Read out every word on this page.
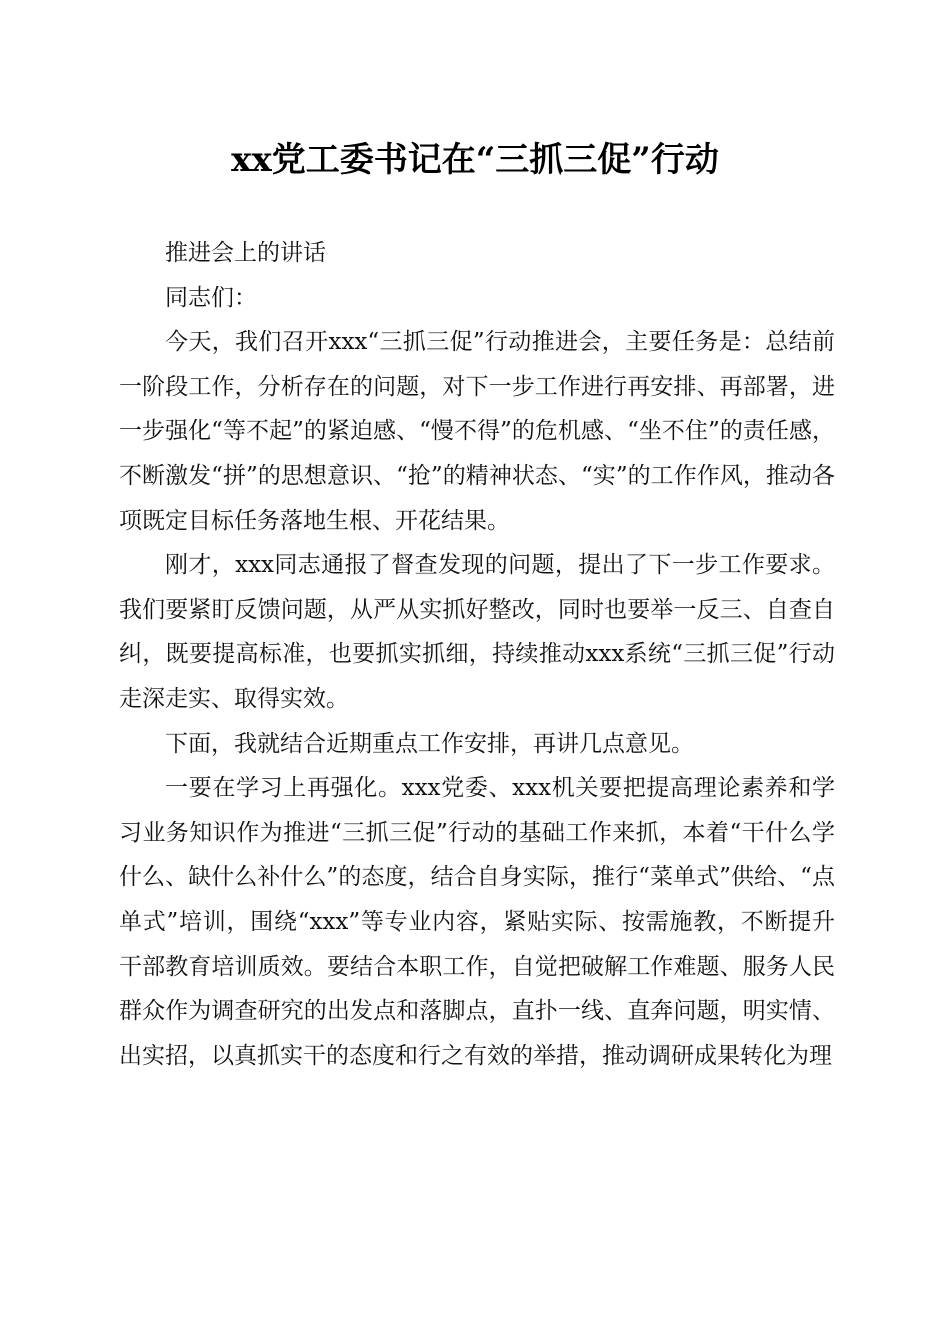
xx党工委书记在“三抓三促”行动

推进会上的讲话

同志们：

今天，我们召开xxx“三抓三促”行动推进会，主要任务是：总结前一阶段工作，分析存在的问题，对下一步工作进行再安排、再部署，进一步强化“等不起”的紧迫感、“慢不得”的危机感、“坐不住”的责任感，不断激发“拼”的思想意识、“抢”的精神状态、“实”的工作作风，推动各项既定目标任务落地生根、开花结果。

刚才，xxx同志通报了督查发现的问题，提出了下一步工作要求。我们要紧盯反馈问题，从严从实抓好整改，同时也要举一反三、自查自纠，既要提高标准，也要抓实抓细，持续推动xxx系统“三抓三促”行动走深走实、取得实效。

下面，我就结合近期重点工作安排，再讲几点意见。

一要在学习上再强化。xxx党委、xxx机关要把提高理论素养和学习业务知识作为推进“三抓三促”行动的基础工作来抓，本着“干什么学什么、缺什么补什么”的态度，结合自身实际，推行“菜单式”供给、“点单式”培训，围绕“xxx”等专业内容，紧贴实际、按需施教，不断提升干部教育培训质效。要结合本职工作，自觉把破解工作难题、服务人民群众作为调查研究的出发点和落脚点，直扑一线、直奔问题，明实情、出实招，以真抓实干的态度和行之有效的举措，推动调研成果转化为理
